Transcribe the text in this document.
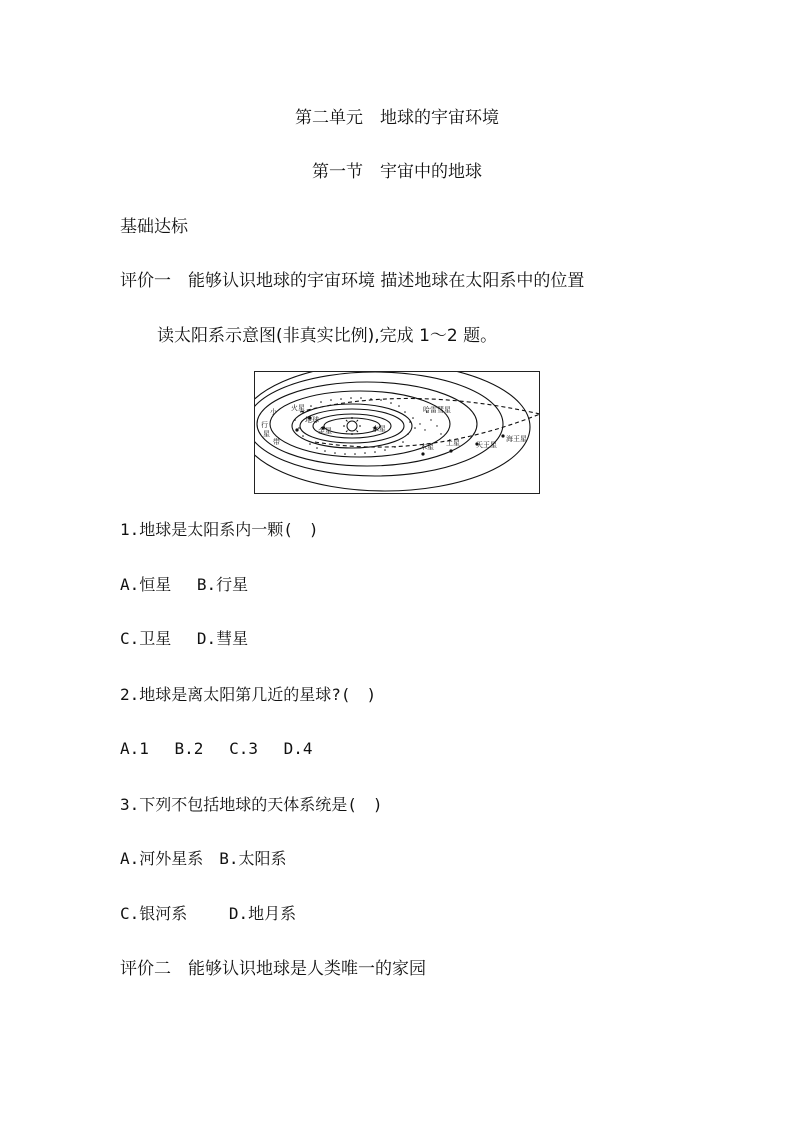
第二单元　地球的宇宙环境
第一节　宇宙中的地球
基础达标
评价一　能够认识地球的宇宙环境 描述地球在太阳系中的位置
读太阳系示意图(非真实比例),完成 1～2 题。
小
行
星
带
火星
地球
金星	水星
哈雷彗星
木星 土星 天王星
海王星
1.地球是太阳系内一颗(　)
A.恒星　 B.行星
C.卫星　 D.彗星
2.地球是离太阳第几近的星球?(　)
A.1　 B.2　 C.3　 D.4
3.下列不包括地球的天体系统是(　)
A.河外星系　B.太阳系
C.银河系　　 D.地月系
评价二　能够认识地球是人类唯一的家园
